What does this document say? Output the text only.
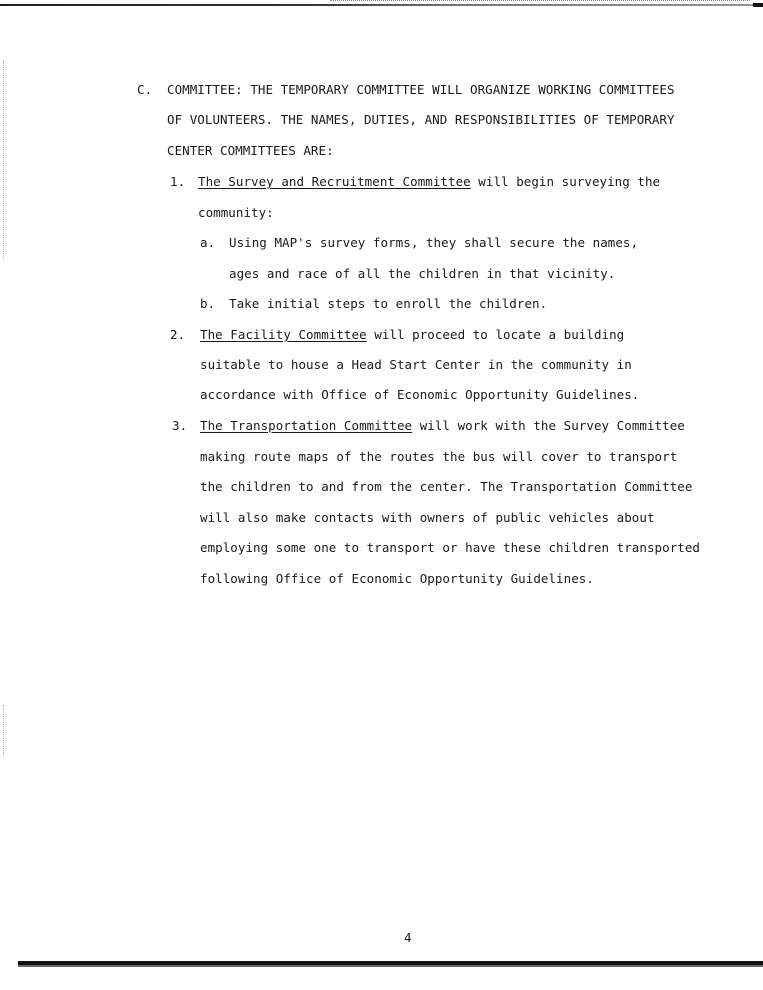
C. COMMITTEE: THE TEMPORARY COMMITTEE WILL ORGANIZE WORKING COMMITTEES
OF VOLUNTEERS. THE NAMES, DUTIES, AND RESPONSIBILITIES OF TEMPORARY
CENTER COMMITTEES ARE:
1. The Survey and Recruitment Committee will begin surveying the
community:
a. Using MAP's survey forms, they shall secure the names,
ages and race of all the children in that vicinity.
b. Take initial steps to enroll the children.
2. The Facility Committee will proceed to locate a building
suitable to house a Head Start Center in the community in
accordance with Office of Economic Opportunity Guidelines.
3. The Transportation Committee will work with the Survey Committee
making route maps of the routes the bus will cover to transport
the children to and from the center. The Transportation Committee
will also make contacts with owners of public vehicles about
employing some one to transport or have these children transported
following Office of Economic Opportunity Guidelines.
4
